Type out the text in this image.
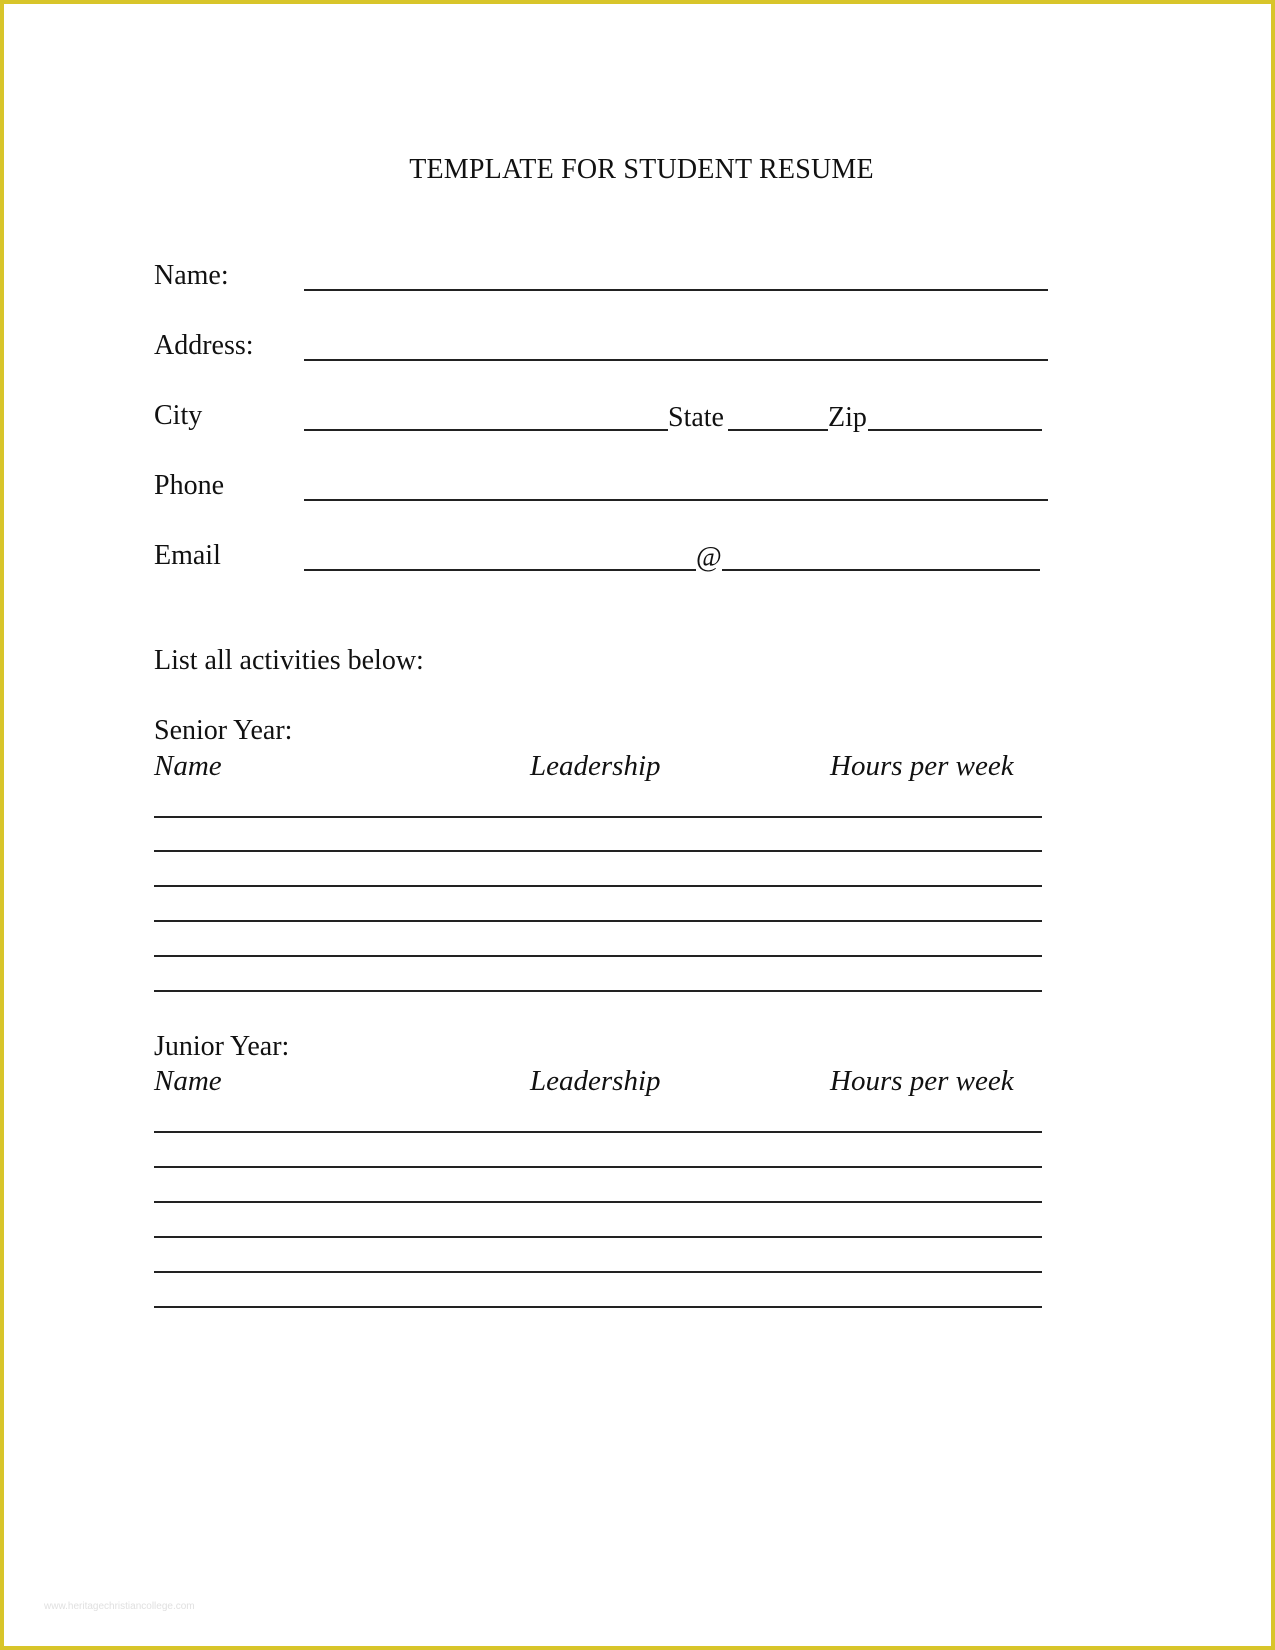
TEMPLATE FOR STUDENT RESUME
Name:
Address:
City	State	Zip
Phone
Email	@
List all activities below:
Senior Year:
Name	Leadership	Hours per week
Junior Year:
Name	Leadership	Hours per week
www.heritagechristiancollege.com
